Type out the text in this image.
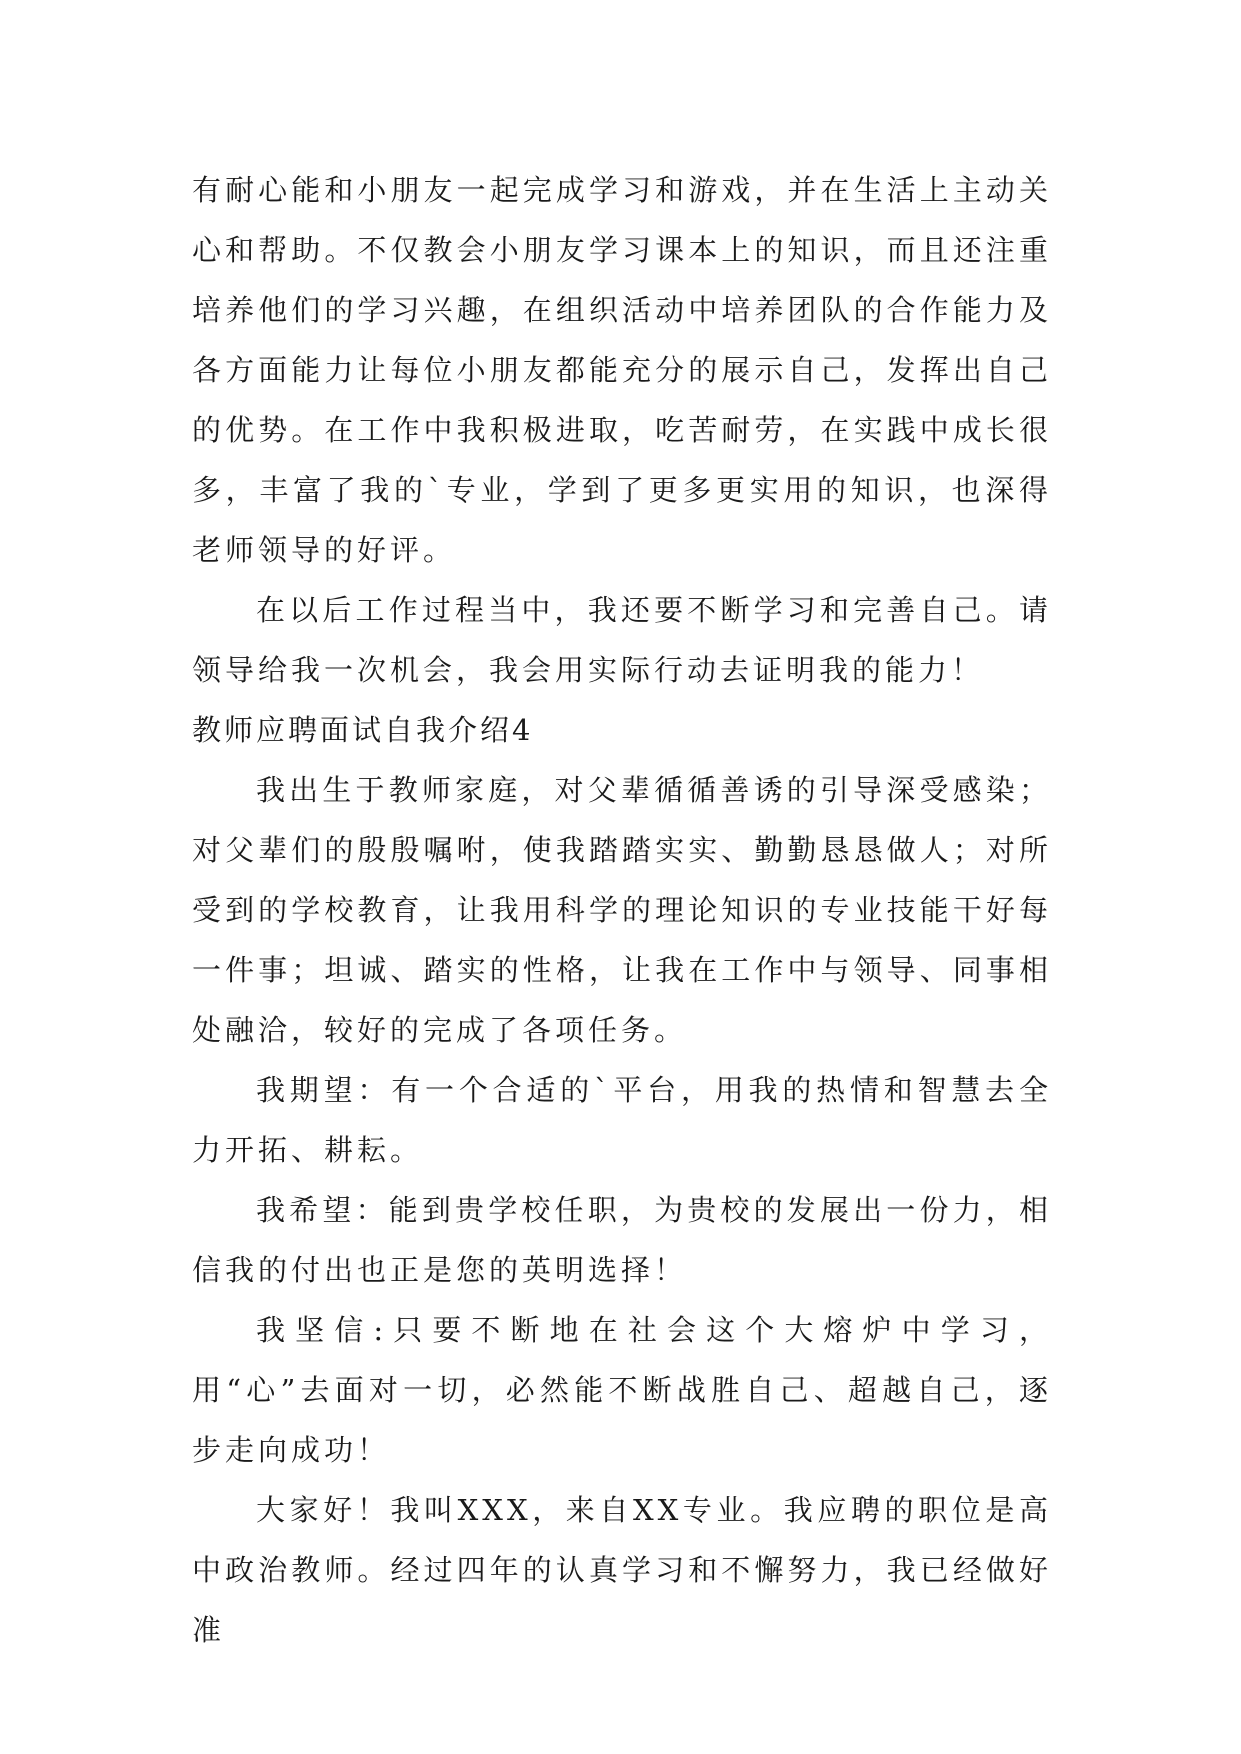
有耐心能和小朋友一起完成学习和游戏，并在生活上主动关心和帮助。不仅教会小朋友学习课本上的知识，而且还注重培养他们的学习兴趣，在组织活动中培养团队的合作能力及各方面能力让每位小朋友都能充分的展示自己，发挥出自己的优势。在工作中我积极进取，吃苦耐劳，在实践中成长很多，丰富了我的`专业，学到了更多更实用的知识，也深得老师领导的好评。

在以后工作过程当中，我还要不断学习和完善自己。请领导给我一次机会，我会用实际行动去证明我的能力！

教师应聘面试自我介绍4

我出生于教师家庭，对父辈循循善诱的引导深受感染；对父辈们的殷殷嘱咐，使我踏踏实实、勤勤恳恳做人；对所受到的学校教育，让我用科学的理论知识的专业技能干好每一件事；坦诚、踏实的性格，让我在工作中与领导、同事相处融洽，较好的完成了各项任务。

我期望：有一个合适的`平台，用我的热情和智慧去全力开拓、耕耘。

我希望：能到贵学校任职，为贵校的发展出一份力，相信我的付出也正是您的英明选择！

我坚信:只要不断地在社会这个大熔炉中学习，用“心”去面对一切，必然能不断战胜自己、超越自己，逐步走向成功！

大家好！我叫XXX，来自XX专业。我应聘的职位是高中政治教师。经过四年的认真学习和不懈努力，我已经做好准
